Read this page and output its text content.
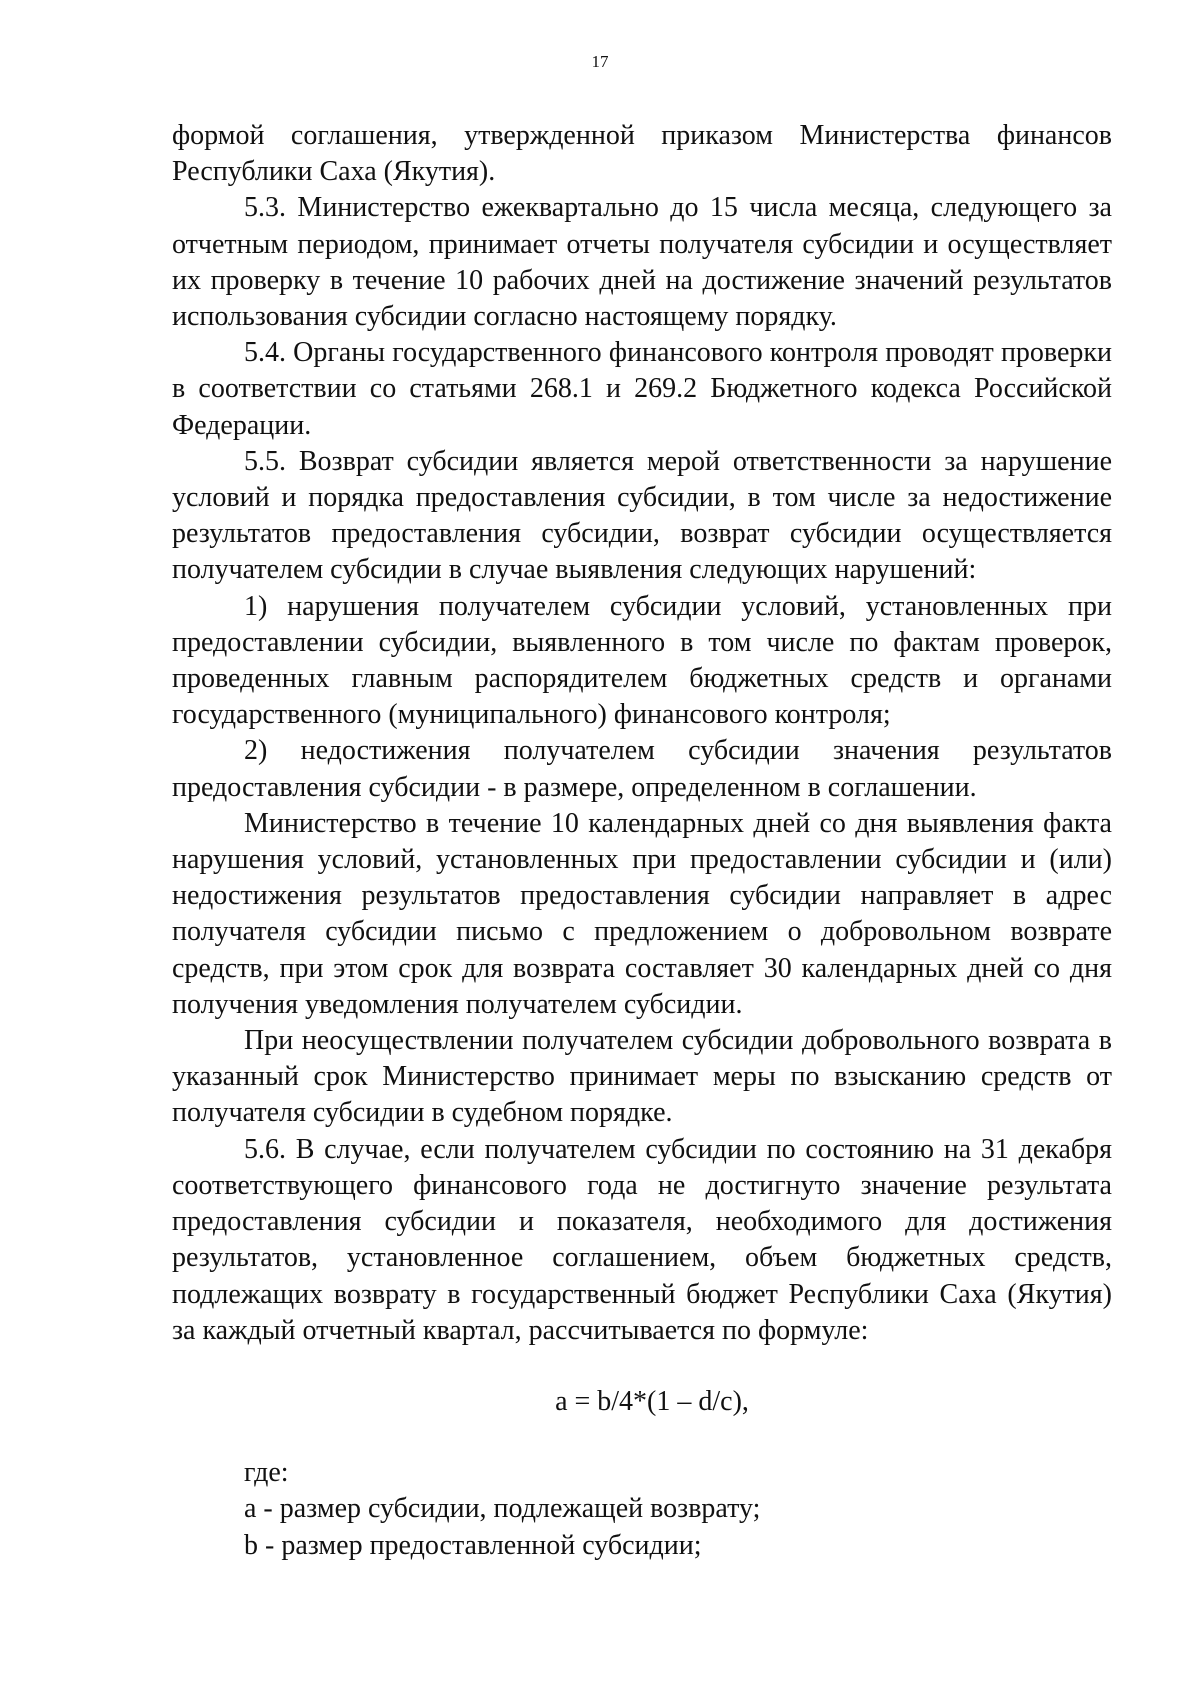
17

формой соглашения, утвержденной приказом Министерства финансов Республики Саха (Якутия).

5.3. Министерство ежеквартально до 15 числа месяца, следующего за отчетным периодом, принимает отчеты получателя субсидии и осуществляет их проверку в течение 10 рабочих дней на достижение значений результатов использования субсидии согласно настоящему порядку.

5.4. Органы государственного финансового контроля проводят проверки в соответствии со статьями 268.1 и 269.2 Бюджетного кодекса Российской Федерации.

5.5. Возврат субсидии является мерой ответственности за нарушение условий и порядка предоставления субсидии, в том числе за недостижение результатов предоставления субсидии, возврат субсидии осуществляется получателем субсидии в случае выявления следующих нарушений:

1) нарушения получателем субсидии условий, установленных при предоставлении субсидии, выявленного в том числе по фактам проверок, проведенных главным распорядителем бюджетных средств и органами государственного (муниципального) финансового контроля;

2) недостижения получателем субсидии значения результатов предоставления субсидии - в размере, определенном в соглашении.

Министерство в течение 10 календарных дней со дня выявления факта нарушения условий, установленных при предоставлении субсидии и (или) недостижения результатов предоставления субсидии направляет в адрес получателя субсидии письмо с предложением о добровольном возврате средств, при этом срок для возврата составляет 30 календарных дней со дня получения уведомления получателем субсидии.

При неосуществлении получателем субсидии добровольного возврата в указанный срок Министерство принимает меры по взысканию средств от получателя субсидии в судебном порядке.

5.6. В случае, если получателем субсидии по состоянию на 31 декабря соответствующего финансового года не достигнуто значение результата предоставления субсидии и показателя, необходимого для достижения результатов, установленное соглашением, объем бюджетных средств, подлежащих возврату в государственный бюджет Республики Саха (Якутия) за каждый отчетный квартал, рассчитывается по формуле:

a = b/4*(1 – d/c),

где:

a - размер субсидии, подлежащей возврату;

b - размер предоставленной субсидии;
